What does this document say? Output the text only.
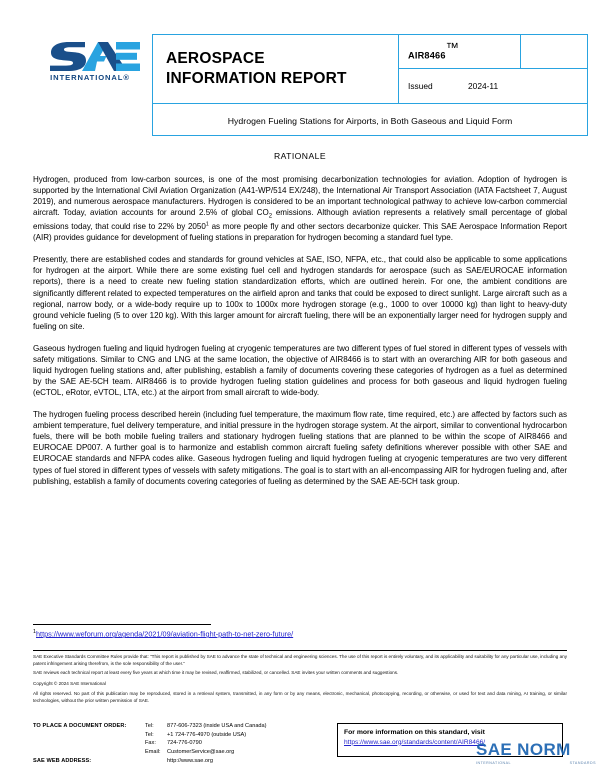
INTERNATIONAL®
AEROSPACE
INFORMATION REPORT
	AIR8466™	

Issued	2024-11

Hydrogen Fueling Stations for Airports, in Both Gaseous and Liquid Form
RATIONALE

Hydrogen, produced from low-carbon sources, is one of the most promising decarbonization technologies for aviation. Adoption of hydrogen is supported by the International Civil Aviation Organization (A41-WP/514 EX/248), the International Air Transport Association (IATA Factsheet 7, August 2019), and numerous aerospace manufacturers. Hydrogen is considered to be an important technological pathway to achieve low-carbon commercial aircraft. Today, aviation accounts for around 2.5% of global $CO_2$ emissions. Although aviation represents a relatively small percentage of global emissions today, that could rise to 22% by 2050$^1$ as more people fly and other sectors decarbonize quicker. This SAE Aerospace Information Report (AIR) provides guidance for development of fueling stations in preparation for hydrogen becoming a standard fuel type.

Presently, there are established codes and standards for ground vehicles at SAE, ISO, NFPA, etc., that could also be applicable to some applications for hydrogen at the airport. While there are some existing fuel cell and hydrogen standards for aerospace (such as SAE/EUROCAE information reports), there is a need to create new fueling station standardization efforts, which are outlined herein. For one, the ambient conditions are significantly different related to expected temperatures on the airfield apron and tanks that could be exposed to direct sunlight. Large aircraft such as a regional, narrow body, or a wide-body require up to 100x to 1000x more hydrogen storage (e.g., 1000 to over 10000 kg) than light to heavy-duty ground vehicle fueling (5 to over 120 kg). With this larger amount for aircraft fueling, there will be an exponentially larger need for hydrogen supply and fueling on site.

Gaseous hydrogen fueling and liquid hydrogen fueling at cryogenic temperatures are two different types of fuel stored in different types of vessels with safety mitigations. Similar to CNG and LNG at the same location, the objective of AIR8466 is to start with an overarching AIR for both gaseous and liquid hydrogen fueling stations and, after publishing, establish a family of documents covering these categories of hydrogen as a fuel as determined by the SAE AE-5CH team. AIR8466 is to provide hydrogen fueling station guidelines and process for both gaseous and liquid hydrogen fueling (eCTOL, eRotor, eVTOL, LTA, etc.) at the airport from small aircraft to wide-body.

The hydrogen fueling process described herein (including fuel temperature, the maximum flow rate, time required, etc.) are affected by factors such as ambient temperature, fuel delivery temperature, and initial pressure in the hydrogen storage system. At the airport, similar to conventional hydrocarbon fuels, there will be both mobile fueling trailers and stationary hydrogen fueling stations that are planned to be within the scope of AIR8466 and EUROCAE DP007. A further goal is to harmonize and establish common aircraft fueling safety definitions wherever possible with other SAE and EUROCAE standards and NFPA codes alike. Gaseous hydrogen fueling and liquid hydrogen fueling at cryogenic temperatures are two very different types of fuel stored in different types of vessels with safety mitigations. The goal is to start with an all-encompassing AIR for hydrogen fueling and, after publishing, establish a family of documents covering categories of fueling as determined by the SAE AE-5CH task group.

$^1$https://www.weforum.org/agenda/2021/09/aviation-flight-path-to-net-zero-future/

SAE Executive Standards Committee Rules provide that: “This report is published by SAE to advance the state of technical and engineering sciences. The use of this report is entirely voluntary, and its applicability and suitability for any particular use, including any patent infringement arising therefrom, is the sole responsibility of the user.”

SAE reviews each technical report at least every five years at which time it may be revised, reaffirmed, stabilized, or cancelled. SAE invites your written comments and suggestions.

Copyright © 2024 SAE International

All rights reserved. No part of this publication may be reproduced, stored in a retrieval system, transmitted, in any form or by any means, electronic, mechanical, photocopying, recording, or otherwise, or used for text and data mining, AI training, or similar technologies, without the prior written permission of SAE.

TO PLACE A DOCUMENT ORDER:	Tel:	877-606-7323 (inside USA and Canada)
Tel:	+1 724-776-4970 (outside USA)
Fax:	724-776-0790
Email:	CustomerService@sae.org
SAE WEB ADDRESS:	http://www.sae.org
For more information on this standard, visit
https://www.sae.org/standards/content/AIR8466/
SAE NORM
INTERNATIONAL	STANDARDS
